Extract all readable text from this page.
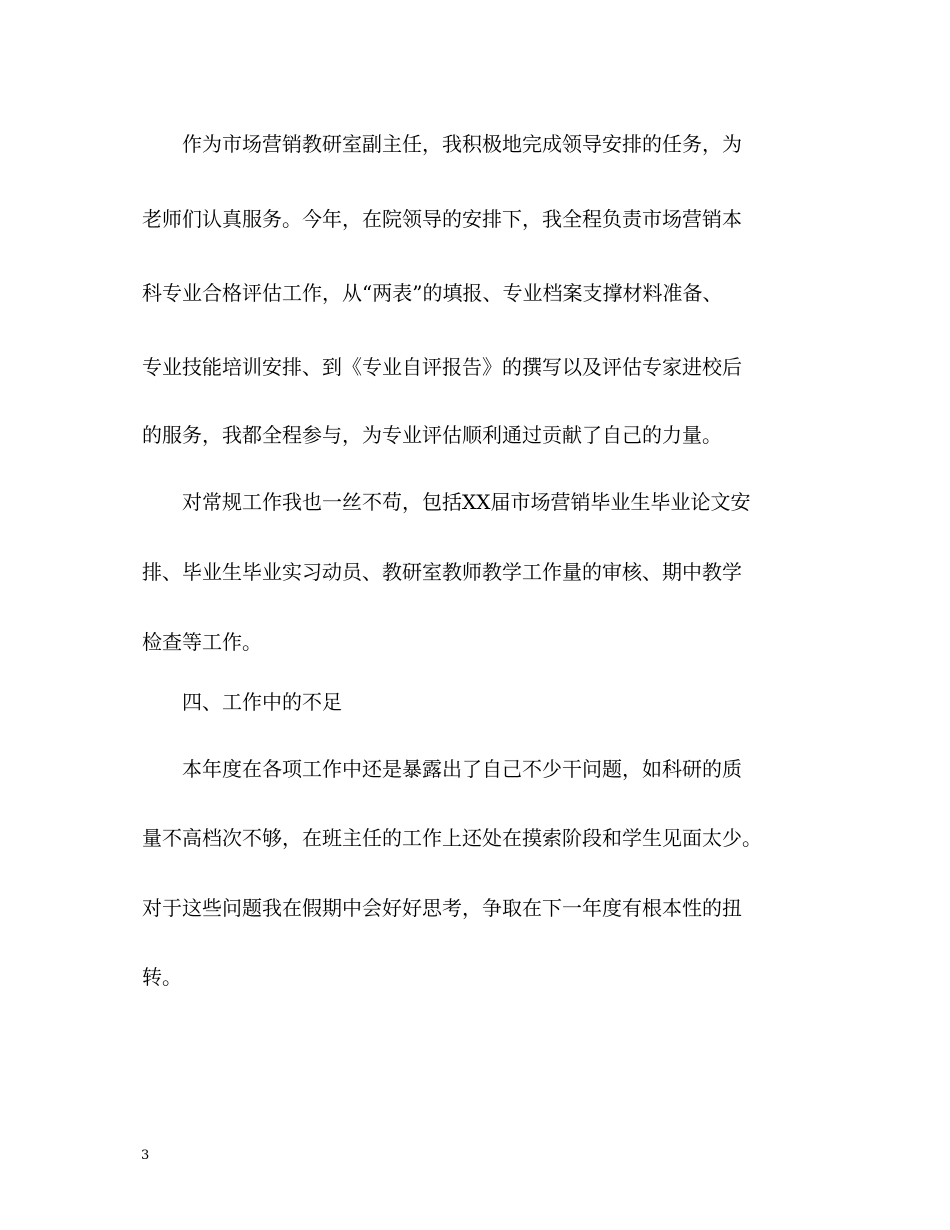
作为市场营销教研室副主任，我积极地完成领导安排的任务，为
老师们认真服务。今年，在院领导的安排下，我全程负责市场营销本
科专业合格评估工作，从“两表”的填报、专业档案支撑材料准备、
专业技能培训安排、到《专业自评报告》的撰写以及评估专家进校后
的服务，我都全程参与，为专业评估顺利通过贡献了自己的力量。
对常规工作我也一丝不苟，包括XX届市场营销毕业生毕业论文安
排、毕业生毕业实习动员、教研室教师教学工作量的审核、期中教学
检查等工作。
四、工作中的不足
本年度在各项工作中还是暴露出了自己不少干问题，如科研的质
量不高档次不够，在班主任的工作上还处在摸索阶段和学生见面太少。
对于这些问题我在假期中会好好思考，争取在下一年度有根本性的扭
转。
3
